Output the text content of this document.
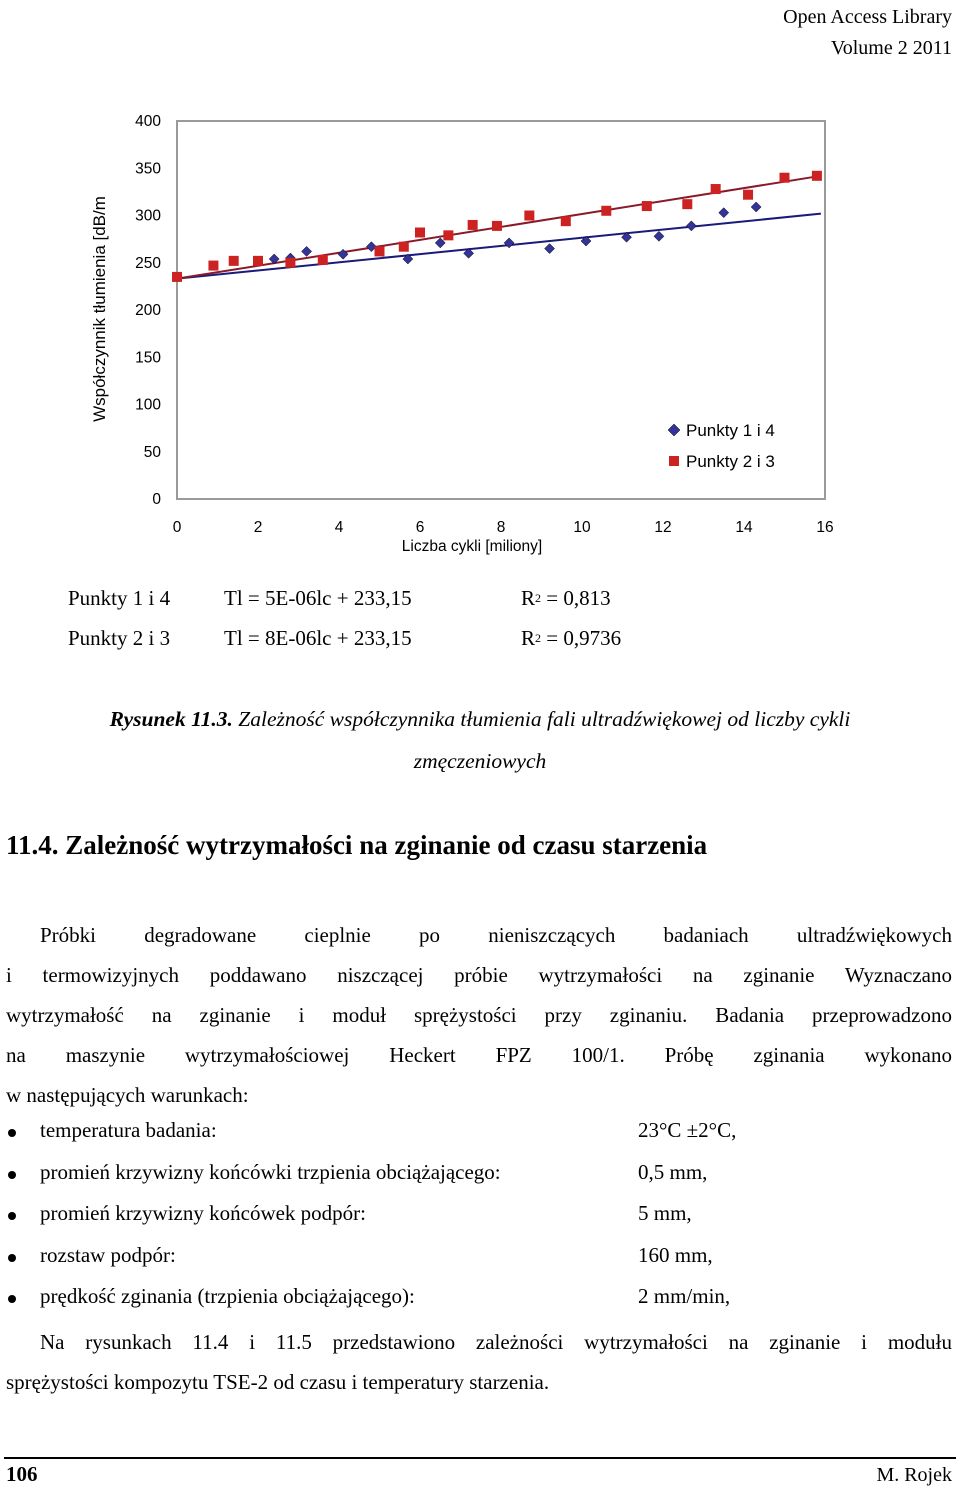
Open Access Library
Volume 2 2011
0
50
100
150
200
250
300
350
400
0	2	4	6	8	10	12	14	16
Współczynnik tłumienia [dB/m
Liczba cykli [miliony]
Punkty 1 i 4
Punkty 2 i 3
Punkty 1 i 4	Tl = 5E-06lc + 233,15	$R^2 = 0,813$
Punkty 2 i 3	Tl = 8E-06lc + 233,15	$R^2 = 0,9736$
Rysunek 11.3. Zależność współczynnika tłumienia fali ultradźwiękowej od liczby cykli
zmęczeniowych
11.4. Zależność wytrzymałości na zginanie od czasu starzenia
Próbki degradowane cieplnie po nieniszczących badaniach ultradźwiękowych
i termowizyjnych poddawano niszczącej próbie wytrzymałości na zginanie Wyznaczano
wytrzymałość na zginanie i moduł sprężystości przy zginaniu. Badania przeprowadzono
na maszynie wytrzymałościowej Heckert FPZ 100/1. Próbę zginania wykonano
w następujących warunkach:
temperatura badania:	23°C ±2°C,
promień krzywizny końcówki trzpienia obciążającego:	0,5 mm,
promień krzywizny końcówek podpór:	5 mm,
rozstaw podpór:	160 mm,
prędkość zginania (trzpienia obciążającego):	2 mm/min,
Na rysunkach 11.4 i 11.5 przedstawiono zależności wytrzymałości na zginanie i modułu
sprężystości kompozytu TSE-2 od czasu i temperatury starzenia.
106	M. Rojek
